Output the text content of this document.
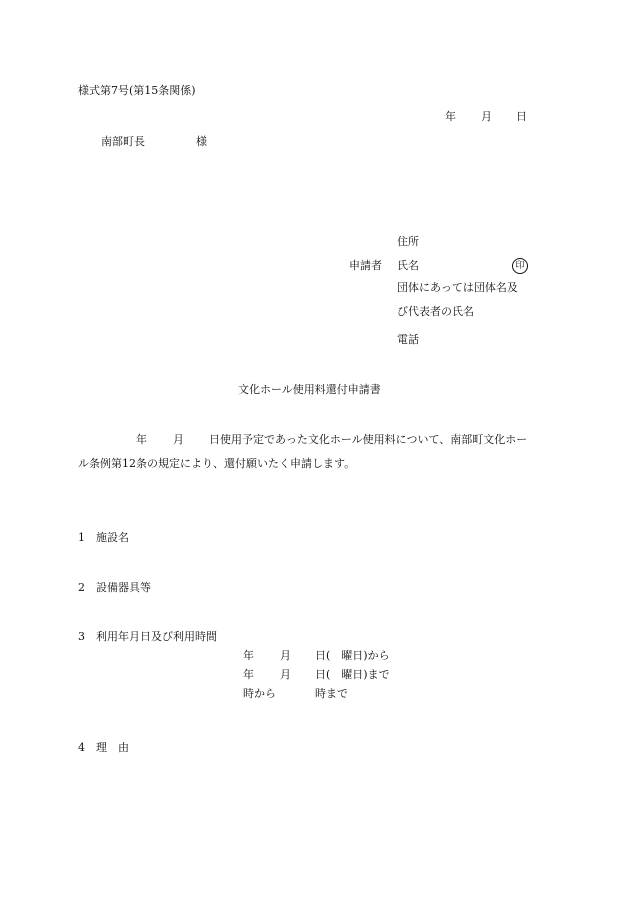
様式第7号(第15条関係)
年 月 日
南部町長	様
住所
申請者 氏名	印
団体にあっては団体名及
び代表者の氏名
電話
文化ホール使用料還付申請書
年 月 日使用予定であった文化ホール使用料について、南部町文化ホー
ル条例第12条の規定により、還付願いたく申請します。
1 施設名
2 設備器具等
3 利用年月日及び利用時間
年 月 日(　曜日)から
年 月 日(　曜日)まで
時から	時まで
4 理　由
